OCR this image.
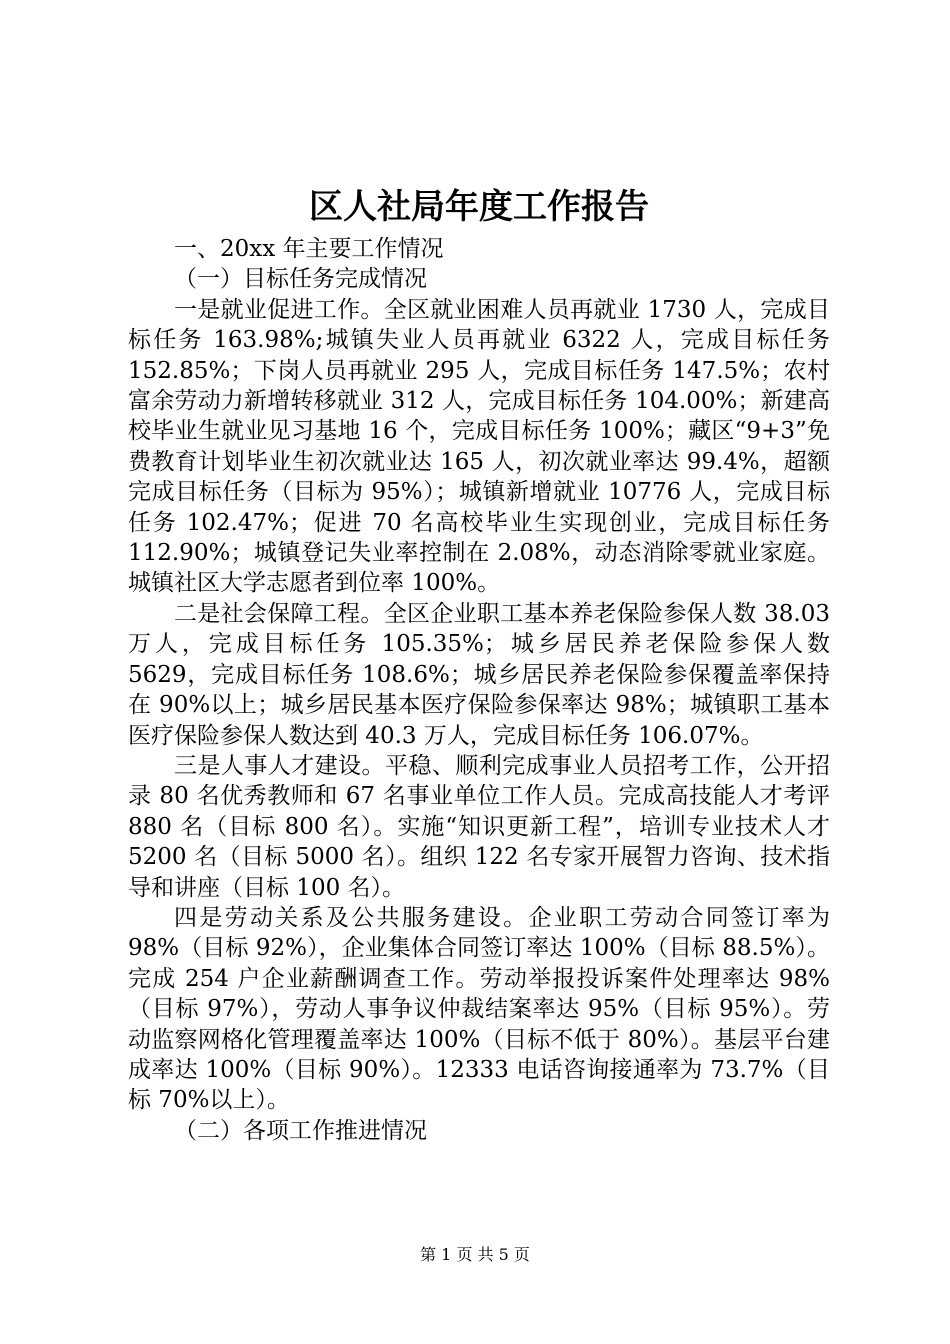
区人社局年度工作报告

一、20xx 年主要工作情况

（一）目标任务完成情况

一是就业促进工作。全区就业困难人员再就业 1730 人，完成目标任务 163.98%;城镇失业人员再就业 6322 人，完成目标任务 152.85%；下岗人员再就业 295 人，完成目标任务 147.5%；农村富余劳动力新增转移就业 312 人，完成目标任务 104.00%；新建高校毕业生就业见习基地 16 个，完成目标任务 100%；藏区“9+3”免费教育计划毕业生初次就业达 165 人，初次就业率达 99.4%，超额完成目标任务（目标为 95%）；城镇新增就业 10776 人，完成目标任务 102.47%；促进 70 名高校毕业生实现创业，完成目标任务 112.90%；城镇登记失业率控制在 2.08%，动态消除零就业家庭。城镇社区大学志愿者到位率 100%。

二是社会保障工程。全区企业职工基本养老保险参保人数 38.03 万人，完成目标任务 105.35%；城乡居民养老保险参保人数 5629，完成目标任务 108.6%；城乡居民养老保险参保覆盖率保持在 90%以上；城乡居民基本医疗保险参保率达 98%；城镇职工基本医疗保险参保人数达到 40.3 万人，完成目标任务 106.07%。

三是人事人才建设。平稳、顺利完成事业人员招考工作，公开招录 80 名优秀教师和 67 名事业单位工作人员。完成高技能人才考评 880 名（目标 800 名）。实施“知识更新工程”，培训专业技术人才 5200 名（目标 5000 名）。组织 122 名专家开展智力咨询、技术指导和讲座（目标 100 名）。

四是劳动关系及公共服务建设。企业职工劳动合同签订率为 98%（目标 92%），企业集体合同签订率达 100%（目标 88.5%）。完成 254 户企业薪酬调查工作。劳动举报投诉案件处理率达 98%（目标 97%），劳动人事争议仲裁结案率达 95%（目标 95%）。劳动监察网格化管理覆盖率达 100%（目标不低于 80%）。基层平台建成率达 100%（目标 90%）。12333 电话咨询接通率为 73.7%（目标 70%以上）。

（二）各项工作推进情况

第 1 页 共 5 页
